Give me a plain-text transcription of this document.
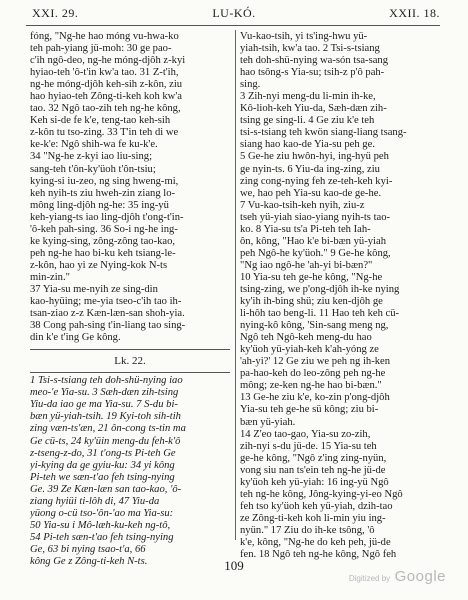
XXI. 29.	LU-KÓ.	XXII. 18.
fóng, "Ng-he hao móng vu-hwa-ko
teh pah-yiang jü-moh: 30 ge pao-
c'ih ngô-deo, ng-he móng-djôh z-kyi
hyiao-teh 'ô-t'in kw'a tao. 31 Z-t'ih,
ng-he móng-djôh keh-sih z-kôn, ziu
hao hyiao-teh Zông-ti-keh koh kw'a
tao. 32 Ngô tao-zih teh ng-he kông,
Keh si-de fe k'e, teng-tao keh-sih
z-kôn tu tso-zing. 33 T'in teh di we
ke-k'e: Ngô shih-wa fe ku-k'e.
34 "Ng-he z-kyi iao liu-sing;
sang-teh t'ôn-ky'üoh t'ôn-tsiu;
kying-si iu-zeo, ng sing hweng-mi,
keh nyih-ts ziu hweh-zin ziang lo-
mông ling-djôh ng-he: 35 ing-yü
keh-yiang-ts iao ling-djôh t'ong-t'in-
'ô-keh pah-sing. 36 So-i ng-he ing-
ke kying-sing, zông-zông tao-kao,
peh ng-he hao bi-ku keh tsiang-le-
z-kôn, hao yi ze Nying-kok N-ts
min-zin."
37 Yia-su me-nyih ze sing-din
kao-hyüing; me-yia tseo-c'ih tao ih-
tsan-ziao z-z Kæn-læn-san shoh-yia.
38 Cong pah-sing t'in-liang tao sing-
din k'e t'ing Ge kông.
Lk. 22.
1 Tsi-s-tsiang teh doh-shü-nying iao
meo-'e Yia-su. 3 Sæh-dæn zih-tsing
Yiu-da iao ge ma Yia-su. 7 S-du bi-
bæn yü-yiah-tsih. 19 Kyi-toh sih-tih
zing væn-ts'æn, 21 ôn-cong ts-tin ma
Ge cü-ts, 24 ky'üin meng-du feh-k'ô
z-tseng-z-do, 31 t'ong-ts Pi-teh Ge
yi-kying da ge gyiu-ku: 34 yi kông
Pi-teh we sæn-t'ao feh tsing-nying
Ge. 39 Ze Kæn-læn san tao-kao, 'ô-
ziang hyiüi ti-lôh di, 47 Yiu-da
yüong o-cü tso-'ôn-'ao ma Yia-su:
50 Yia-su i Mô-læh-ku-keh ng-tô,
54 Pi-teh sæn-t'ao feh tsing-nying
Ge, 63 bi nying tsao-t'a, 66
kông Ge z Zông-ti-keh N-ts.
Vu-kao-tsih, yi ts'ing-hwu yü-
yiah-tsih, kw'a tao. 2 Tsi-s-tsiang
teh doh-shü-nying wa-són tsa-sang
hao tsông-s Yia-su; tsih-z p'ô pah-
sing.
3 Zih-nyi meng-du li-min ih-ke,
Kô-lioh-keh Yiu-da, Sæh-dæn zih-
tsing ge sing-li. 4 Ge ziu k'e teh
tsi-s-tsiang teh kwön siang-liang tsang-
siang hao kao-de Yia-su peh ge.
5 Ge-he ziu hwôn-hyi, ing-hyü peh
ge nyin-ts. 6 Yiu-da ing-zing, ziu
zing cong-nying feh ze-teh-keh kyi-
we, hao peh Yia-su kao-de ge-he.
7 Vu-kao-tsih-keh nyih, ziu-z
tseh yü-yiah siao-yiang nyih-ts tao-
ko. 8 Yia-su ts'a Pi-teh teh Iah-
ôn, kông, "Hao k'e bi-bæn yü-yiah
peh Ngô-he ky'üoh." 9 Ge-he kông,
"Ng iao ngô-he 'ah-yi bi-bæn?"
10 Yia-su teh ge-he kông, "Ng-he
tsing-zing, we p'ong-djôh ih-ke nying
ky'ih ih-bing shü; ziu ken-djôh ge
li-hôh tao beng-li. 11 Hao teh keh cü-
nying-kô kông, 'Sin-sang meng ng,
Ngô teh Ngô-keh meng-du hao
ky'üoh yü-yiah-keh k'ah-yóng ze
'ah-yi?' 12 Ge ziu we peh ng ih-ken
pa-hao-keh do leo-zông peh ng-he
mông; ze-ken ng-he hao bi-bæn."
13 Ge-he ziu k'e, ko-zin p'ong-djôh
Yia-su teh ge-he sü kông; ziu bi-
bæn yü-yiah.
14 Z'eo tao-gao, Yia-su zo-zih,
zih-nyi s-du jü-de. 15 Yia-su teh
ge-he kông, "Ngô z'ing zing-nyün,
vong siu nan ts'ein teh ng-he jü-de
ky'üoh keh yü-yiah: 16 ing-yü Ngô
teh ng-he kông, Jông-kying-yi-eo Ngô
feh tso ky'üoh keh yü-yiah, dzih-tao
ze Zông-ti-keh koh li-min yiu ing-
nyün." 17 Ziu do ih-ke tsông, 'ô
k'e, kông, "Ng-he do keh peh, jü-de
fen. 18 Ngô teh ng-he kông, Ngô feh
109
Digitized by Google
